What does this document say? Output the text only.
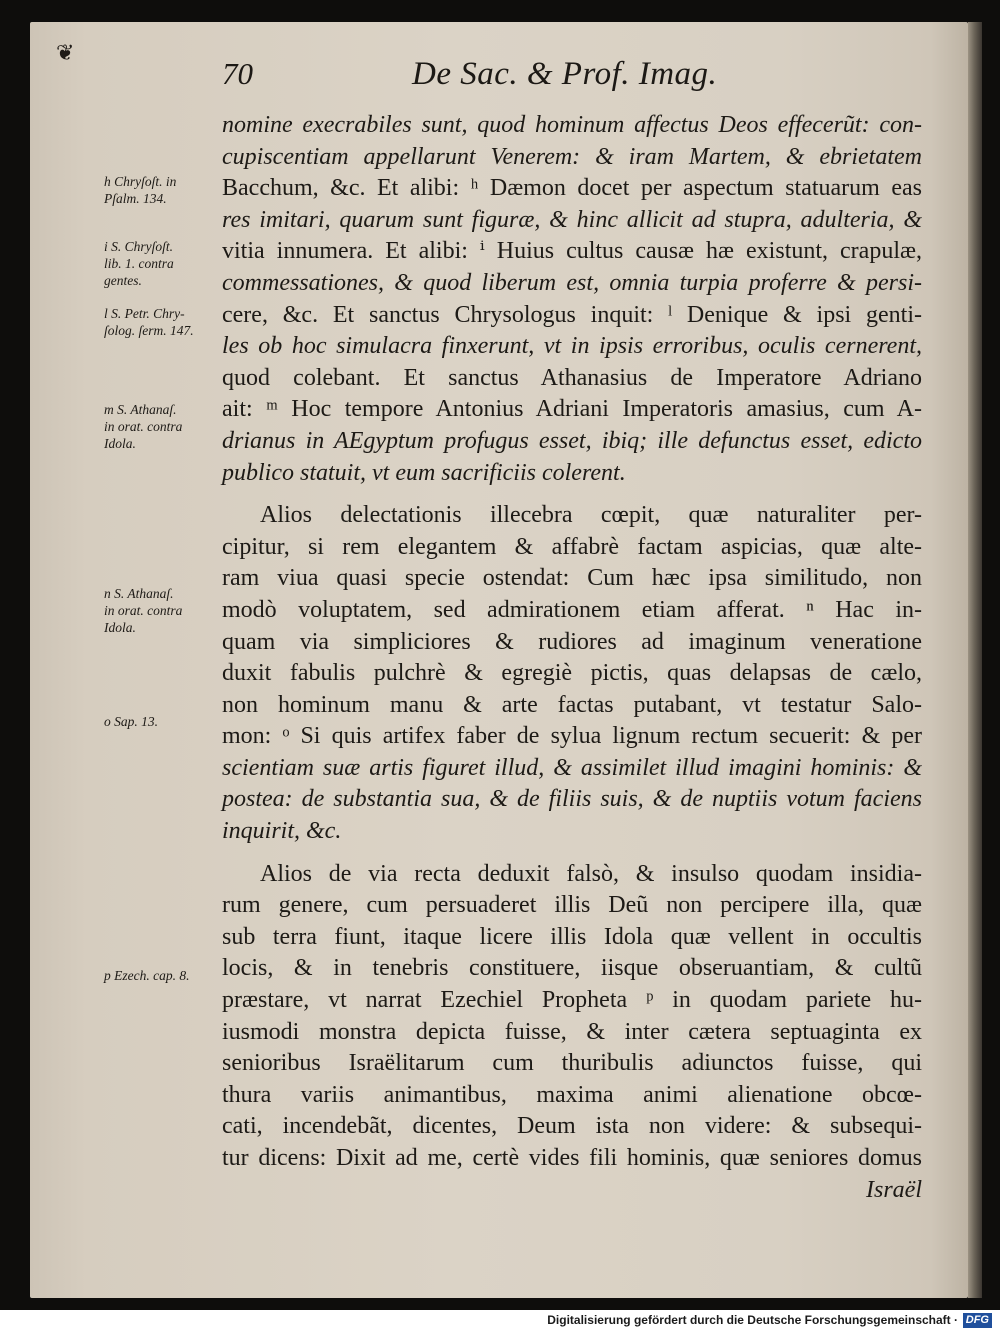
❦
70	De Sac. & Prof. Imag.
h Chryſoſt. in
Pſalm. 134.
i S. Chryſoſt.
lib. 1. contra
gentes.
l S. Petr. Chry-
ſolog. ſerm. 147.
m S. Athanaſ.
in orat. contra
Idola.
n S. Athanaſ.
in orat. contra
Idola.
o Sap. 13.
p Ezech. cap. 8.
nomine execrabiles sunt, quod hominum affectus Deos effecerũt: con-
cupiscentiam appellarunt Venerem: & iram Martem, & ebrietatem
Bacchum, &c. Et alibi: ʰ Dæmon docet per aspectum statuarum eas
res imitari, quarum sunt figuræ, & hinc allicit ad stupra, adulteria, &
vitia innumera. Et alibi: ⁱ Huius cultus causæ hæ existunt, crapulæ,
commessationes, & quod liberum est, omnia turpia proferre & persi-
cere, &c. Et sanctus Chrysologus inquit: ˡ Denique & ipsi genti-
les ob hoc simulacra finxerunt, vt in ipsis erroribus, oculis cernerent,
quod colebant. Et sanctus Athanasius de Imperatore Adriano
ait: ᵐ Hoc tempore Antonius Adriani Imperatoris amasius, cum A-
drianus in AEgyptum profugus esset, ibiq; ille defunctus esset, edicto
publico statuit, vt eum sacrificiis colerent.
Alios delectationis illecebra cœpit, quæ naturaliter per-
cipitur, si rem elegantem & affabrè factam aspicias, quæ alte-
ram viua quasi specie ostendat: Cum hæc ipsa similitudo, non
modò voluptatem, sed admirationem etiam afferat. ⁿ Hac in-
quam via simpliciores & rudiores ad imaginum veneratione
duxit fabulis pulchrè & egregiè pictis, quas delapsas de cælo,
non hominum manu & arte factas putabant, vt testatur Salo-
mon: ᵒ Si quis artifex faber de sylua lignum rectum secuerit: & per
scientiam suæ artis figuret illud, & assimilet illud imagini hominis: &
postea: de substantia sua, & de filiis suis, & de nuptiis votum faciens
inquirit, &c.
Alios de via recta deduxit falsò, & insulso quodam insidia-
rum genere, cum persuaderet illis Deũ non percipere illa, quæ
sub terra fiunt, itaque licere illis Idola quæ vellent in occultis
locis, & in tenebris constituere, iisque obseruantiam, & cultũ
præstare, vt narrat Ezechiel Propheta ᵖ in quodam pariete hu-
iusmodi monstra depicta fuisse, & inter cætera septuaginta ex
senioribus Israëlitarum cum thuribulis adiunctos fuisse, qui
thura variis animantibus, maxima animi alienatione obcœ-
cati, incendebãt, dicentes, Deum ista non videre: & subsequi-
tur dicens: Dixit ad me, certè vides fili hominis, quæ seniores domus
Israël
Digitalisierung gefördert durch die Deutsche Forschungsgemeinschaft · DFG
